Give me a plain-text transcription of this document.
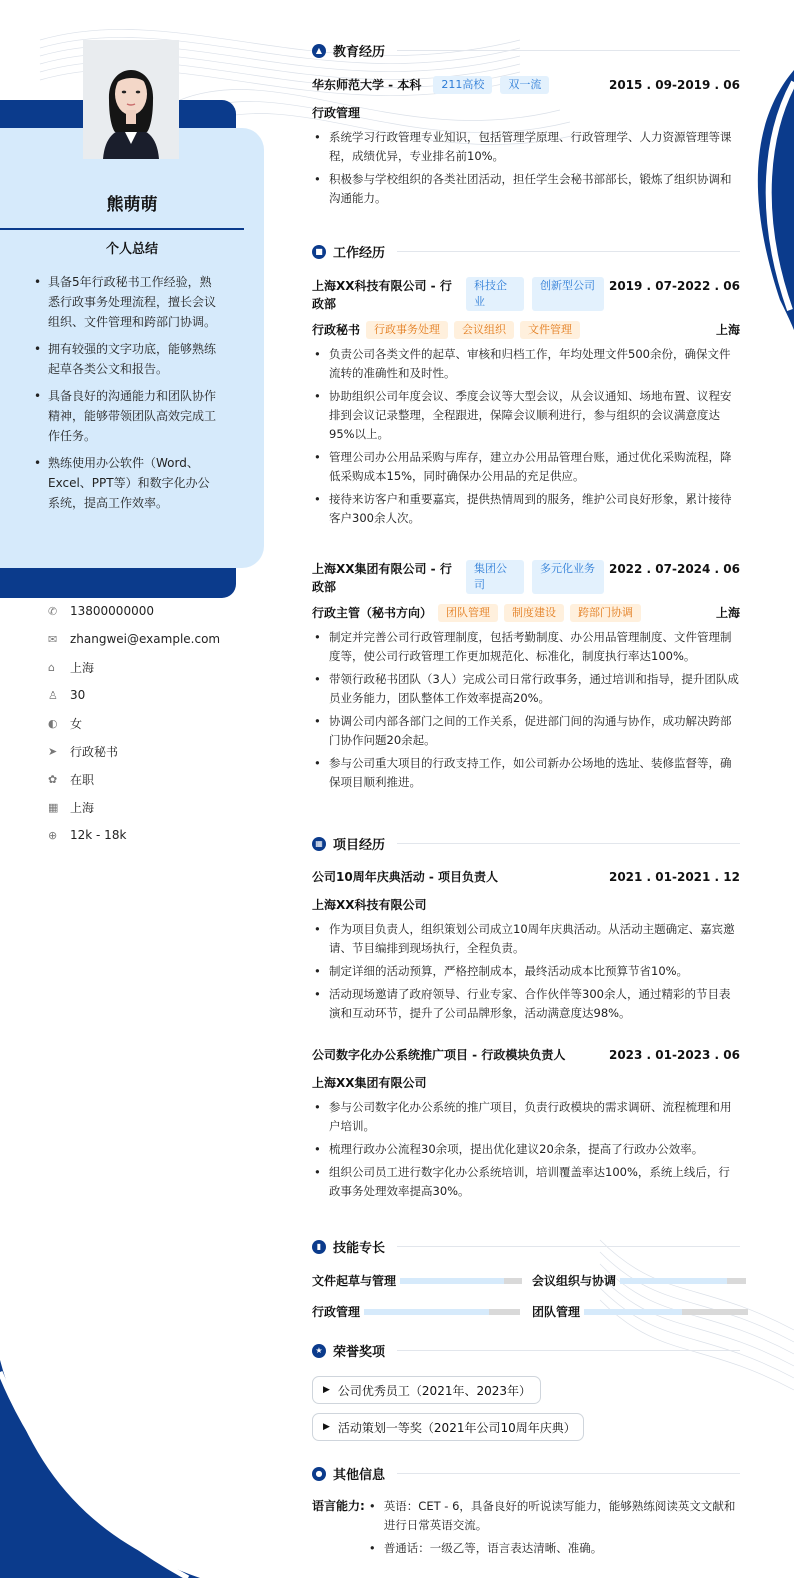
熊萌萌
个人总结
• 具备5年行政秘书工作经验，熟悉行政事务处理流程，擅长会议组织、文件管理和跨部门协调。
• 拥有较强的文字功底，能够熟练起草各类公文和报告。
• 具备良好的沟通能力和团队协作精神，能够带领团队高效完成工作任务。
• 熟练使用办公软件（Word、Excel、PPT等）和数字化办公系统，提高工作效率。
✆	13800000000
✉	zhangwei@example.com
⌂	上海
♙	30
◐	女
➤	行政秘书
✿	在职
▦ 上海
⊕	12k - 18k
▲ 教育经历
华东师范大学 - 本科	211高校	双一流	2015 . 09-2019 . 06
行政管理
• 系统学习行政管理专业知识，包括管理学原理、行政管理学、人力资源管理等课程，成绩优异，专业排名前10%。
• 积极参与学校组织的各类社团活动，担任学生会秘书部部长，锻炼了组织协调和沟通能力。
■ 工作经历
上海XX科技有限公司 - 行政部
科技企业
创新型公司	2019 . 07-2022 . 06
行政秘书	行政事务处理	会议组织	文件管理	上海
• 负责公司各类文件的起草、审核和归档工作，年均处理文件500余份，确保文件流转的准确性和及时性。
• 协助组织公司年度会议、季度会议等大型会议，从会议通知、场地布置、议程安排到会议记录整理，全程跟进，保障会议顺利进行，参与组织的会议满意度达95%以上。
• 管理公司办公用品采购与库存，建立办公用品管理台账，通过优化采购流程，降低采购成本15%，同时确保办公用品的充足供应。
• 接待来访客户和重要嘉宾，提供热情周到的服务，维护公司良好形象，累计接待客户300余人次。
上海XX集团有限公司 - 行政部
集团公司
多元化业务	2022 . 07-2024 . 06
行政主管（秘书方向）	团队管理	制度建设	跨部门协调	上海
• 制定并完善公司行政管理制度，包括考勤制度、办公用品管理制度、文件管理制度等，使公司行政管理工作更加规范化、标准化，制度执行率达100%。
• 带领行政秘书团队（3人）完成公司日常行政事务，通过培训和指导，提升团队成员业务能力，团队整体工作效率提高20%。
• 协调公司内部各部门之间的工作关系，促进部门间的沟通与协作，成功解决跨部门协作问题20余起。
• 参与公司重大项目的行政支持工作，如公司新办公场地的选址、装修监督等，确保项目顺利推进。
▦ 项目经历
公司10周年庆典活动 - 项目负责人	2021 . 01-2021 . 12
上海XX科技有限公司
• 作为项目负责人，组织策划公司成立10周年庆典活动。从活动主题确定、嘉宾邀请、节目编排到现场执行，全程负责。
• 制定详细的活动预算，严格控制成本，最终活动成本比预算节省10%。
• 活动现场邀请了政府领导、行业专家、合作伙伴等300余人，通过精彩的节目表演和互动环节，提升了公司品牌形象，活动满意度达98%。
公司数字化办公系统推广项目 - 行政模块负责人	2023 . 01-2023 . 06
上海XX集团有限公司
• 参与公司数字化办公系统的推广项目，负责行政模块的需求调研、流程梳理和用户培训。
• 梳理行政办公流程30余项，提出优化建议20余条，提高了行政办公效率。
• 组织公司员工进行数字化办公系统培训，培训覆盖率达100%，系统上线后，行政事务处理效率提高30%。
▮ 技能专长
文件起草与管理	会议组织与协调
行政管理	团队管理
★ 荣誉奖项
▶ 公司优秀员工（2021年、2023年）
▶ 活动策划一等奖（2021年公司10周年庆典）
● 其他信息
语言能力:
•	英语：CET - 6，具备良好的听说读写能力，能够熟练阅读英文文献和进行日常英语交流。
• 普通话：一级乙等，语言表达清晰、准确。
